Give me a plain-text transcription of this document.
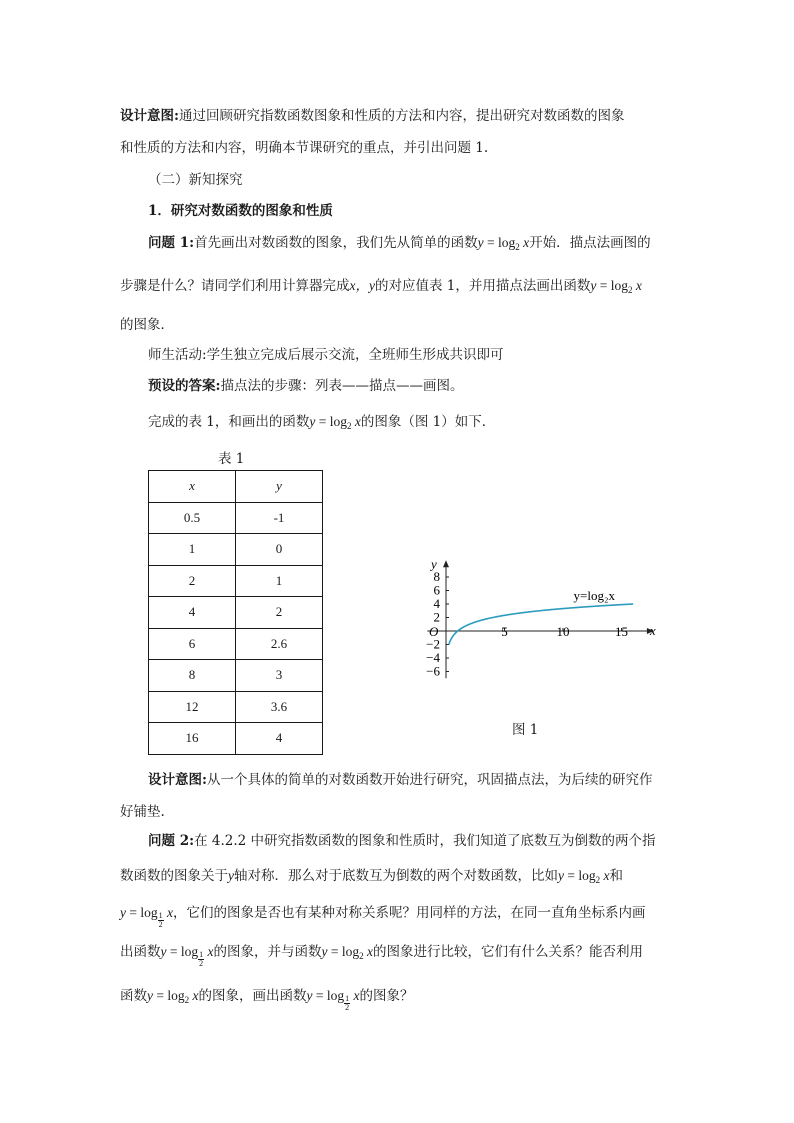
设计意图:通过回顾研究指数函数图象和性质的方法和内容，提出研究对数函数的图象
和性质的方法和内容，明确本节课研究的重点，并引出问题 1.
（二）新知探究
1．研究对数函数的图象和性质
问题 1:首先画出对数函数的图象，我们先从简单的函数$y = \log_2 x$开始．描点法画图的
步骤是什么？请同学们利用计算器完成x，y的对应值表 1，并用描点法画出函数$y = \log_2 x$
的图象．
师生活动:学生独立完成后展示交流，全班师生形成共识即可
预设的答案:描点法的步骤：列表——描点——画图。
完成的表 1，和画出的函数$y = \log_2 x$的图象（图 1）如下．
表 1
x	y
0.5	-1
1	0
2	1
4	2
6	2.6
8	3
12	3.6
16	4
x
y
O	5	10	15
−6
−4
−2
2
4
6
8
y=log₂x
图 1
设计意图:从一个具体的简单的对数函数开始进行研究，巩固描点法，为后续的研究作
好铺垫.
问题 2:在 4.2.2 中研究指数函数的图象和性质时，我们知道了底数互为倒数的两个指
数函数的图象关于y轴对称．那么对于底数互为倒数的两个对数函数，比如$y = \log_2 x$和
$y = \log \frac{1}{2}$ x，它们的图象是否也有某种对称关系呢？用同样的方法，在同一直角坐标系内画
出函数$y = \log \frac{1}{2}$ x的图象，并与函数$y = \log_2 x$的图象进行比较，它们有什么关系？能否利用
函数$y = \log_2 x$的图象，画出函数$y = \log \frac{1}{2}$ x的图象？
